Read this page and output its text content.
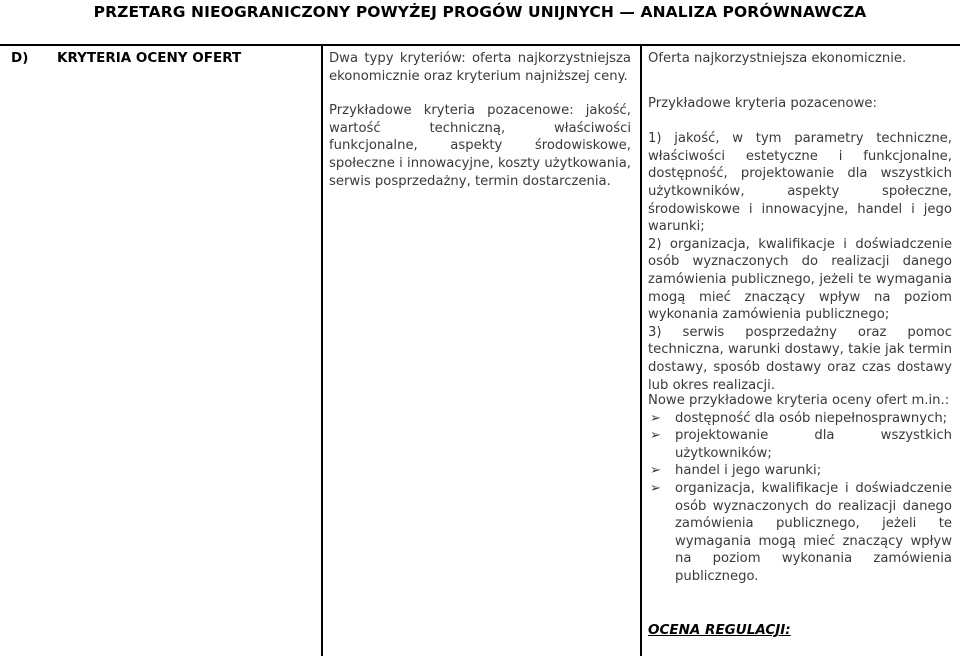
PRZETARG NIEOGRANICZONY POWYŻEJ PROGÓW UNIJNYCH — ANALIZA PORÓWNAWCZA
D) KRYTERIA OCENY OFERT	Dwa typy kryteriów: oferta najkorzystniejsza ekonomicznie oraz kryterium najniższej ceny.

Przykładowe kryteria pozacenowe: jakość, wartość techniczną, właściwości funkcjonalne, aspekty środowiskowe, społeczne i innowacyjne, koszty użytkowania, serwis posprzedażny, termin dostarczenia.

Oferta najkorzystniejsza ekonomicznie.

Przykładowe kryteria pozacenowe:

1) jakość, w tym parametry techniczne, właściwości estetyczne i funkcjonalne, dostępność, projektowanie dla wszystkich użytkowników, aspekty społeczne, środowiskowe i innowacyjne, handel i jego warunki;

2) organizacja, kwalifikacje i doświadczenie osób wyznaczonych do realizacji danego zamówienia publicznego, jeżeli te wymagania mogą mieć znaczący wpływ na poziom wykonania zamówienia publicznego;

3) serwis posprzedażny oraz pomoc techniczna, warunki dostawy, takie jak termin dostawy, sposób dostawy oraz czas dostawy lub okres realizacji.

Nowe przykładowe kryteria oceny ofert m.in.:

➢ dostępność dla osób niepełnosprawnych;
➢ projektowanie dla wszystkich użytkowników;
➢ handel i jego warunki;
➢ organizacja, kwalifikacje i doświadczenie osób wyznaczonych do realizacji danego zamówienia publicznego, jeżeli te wymagania mogą mieć znaczący wpływ na poziom wykonania zamówienia publicznego.
OCENA REGULACJI:
